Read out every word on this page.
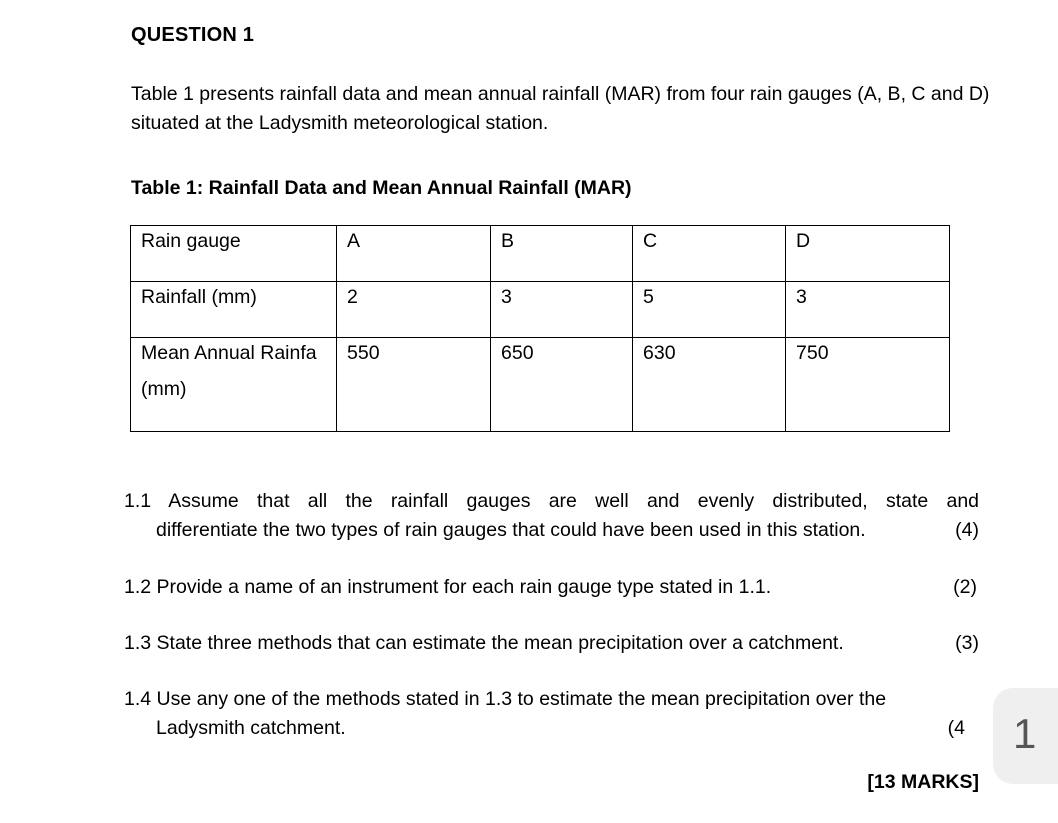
QUESTION 1
Table 1 presents rainfall data and mean annual rainfall (MAR) from four rain gauges (A, B, C and D) situated at the Ladysmith meteorological station.
Table 1: Rainfall Data and Mean Annual Rainfall (MAR)
Rain gauge	A	B	C	D

Rainfall (mm)	2	3	5	3

Mean Annual Rainfa
(mm)	550	650	630	750
1.1 Assume that all the rainfall gauges are well and evenly distributed, state and
differentiate the two types of rain gauges that could have been used in this station.	(4)
1.2 Provide a name of an instrument for each rain gauge type stated in 1.1.	(2)
1.3 State three methods that can estimate the mean precipitation over a catchment.	(3)
1.4 Use any one of the methods stated in 1.3 to estimate the mean precipitation over the
Ladysmith catchment.	(4
[13 MARKS]
1
